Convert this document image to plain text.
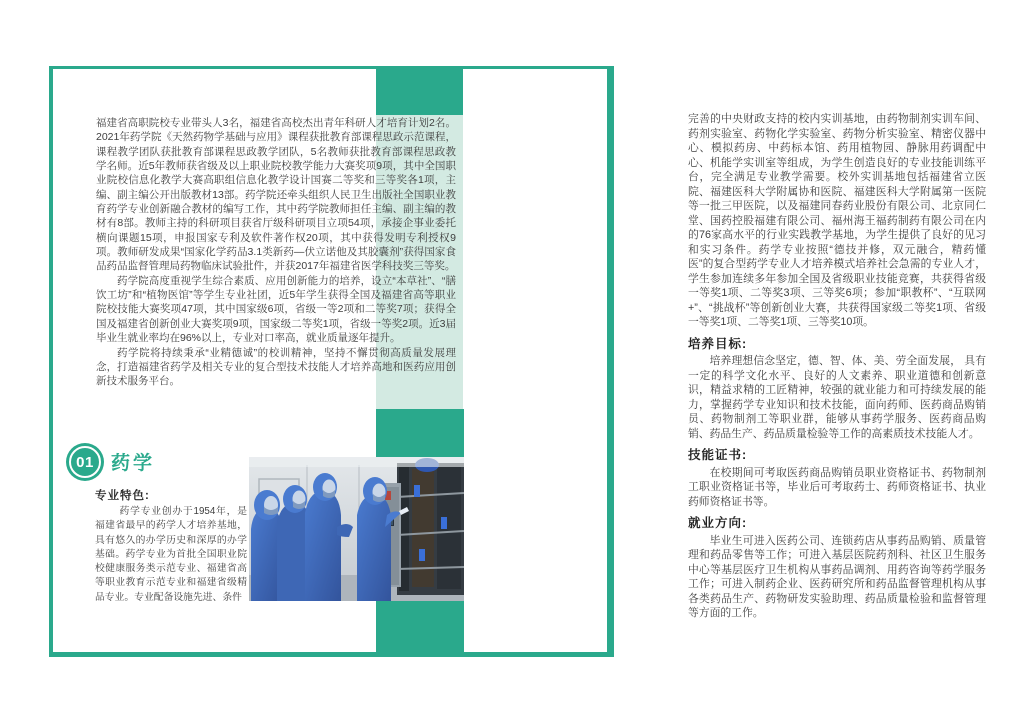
福建省高职院校专业带头人3名，福建省高校杰出青年科研人才培育计划2名。2021年药学院《天然药物学基础与应用》课程获批教育部课程思政示范课程，课程教学团队获批教育部课程思政教学团队，5名教师获批教育部课程思政教学名师。近5年教师获省级及以上职业院校教学能力大赛奖项9项，其中全国职业院校信息化教学大赛高职组信息化教学设计国赛二等奖和三等奖各1项，主编、副主编公开出版教材13部。药学院还牵头组织人民卫生出版社全国职业教育药学专业创新融合教材的编写工作，其中药学院教师担任主编、副主编的教材有8部。教师主持的科研项目获省厅级科研项目立项54项，承接企事业委托横向课题15项，申报国家专利及软件著作权20项，其中获得发明专利授权9项。教师研发成果“国家化学药品3.1类新药—伏立诺他及其胶囊剂”获得国家食品药品监督管理局药物临床试验批件，并获2017年福建省医学科技奖三等奖。

药学院高度重视学生综合素质、应用创新能力的培养，设立“本草社”、“膳饮工坊”和“植物医馆”等学生专业社团，近5年学生获得全国及福建省高等职业院校技能大赛奖项47项，其中国家级6项，省级一等2项和二等奖7项；获得全国及福建省创新创业大赛奖项9项，国家级二等奖1项，省级一等奖2项。近3届毕业生就业率均在96%以上，专业对口率高，就业质量逐年提升。

药学院将持续秉承“业精德诚”的校训精神，坚持不懈贯彻高质量发展理念，打造福建省药学及相关专业的复合型技术技能人才培养高地和医药应用创新技术服务平台。

01 药学
专业特色:
药学专业创办于1954年，是福建省最早的药学人才培养基地，具有悠久的办学历史和深厚的办学基础。药学专业为首批全国职业院校健康服务类示范专业、福建省高等职业教育示范专业和福建省级精品专业。专业配备设施先进、条件

完善的中央财政支持的校内实训基地，由药物制剂实训车间、药剂实验室、药物化学实验室、药物分析实验室、精密仪器中心、模拟药房、中药标本馆、药用植物园、静脉用药调配中心、机能学实训室等组成，为学生创造良好的专业技能训练平台，完全满足专业教学需要。校外实训基地包括福建省立医院、福建医科大学附属协和医院、福建医科大学附属第一医院等一批三甲医院，以及福建同春药业股份有限公司、北京同仁堂、国药控股福建有限公司、福州海王福药制药有限公司在内的76家高水平的行业实践教学基地，为学生提供了良好的见习和实习条件。药学专业按照“德技并修，双元融合，精药懂医”的复合型药学专业人才培养模式培养社会急需的专业人才，学生参加连续多年参加全国及省级职业技能竞赛，共获得省级一等奖1项、二等奖3项、三等奖6项；参加“职教杯”、“互联网+”、“挑战杯”等创新创业大赛，共获得国家级二等奖1项、省级一等奖1项、二等奖1项、三等奖10项。

培养目标:

培养理想信念坚定，德、智、体、美、劳全面发展， 具有一定的科学文化水平、良好的人文素养、职业道德和创新意识，精益求精的工匠精神，较强的就业能力和可持续发展的能力，掌握药学专业知识和技术技能，面向药师、医药商品购销员、药物制剂工等职业群，能够从事药学服务、医药商品购销、药品生产、药品质量检验等工作的高素质技术技能人才。

技能证书:

在校期间可考取医药商品购销员职业资格证书、药物制剂工职业资格证书等，毕业后可考取药士、药师资格证书、执业药师资格证书等。

就业方向:

毕业生可进入医药公司、连锁药店从事药品购销、质量管理和药品零售等工作；可进入基层医院药剂科、社区卫生服务中心等基层医疗卫生机构从事药品调剂、用药咨询等药学服务工作；可进入制药企业、医药研究所和药品监督管理机构从事各类药品生产、药物研发实验助理、药品质量检验和监督管理等方面的工作。
